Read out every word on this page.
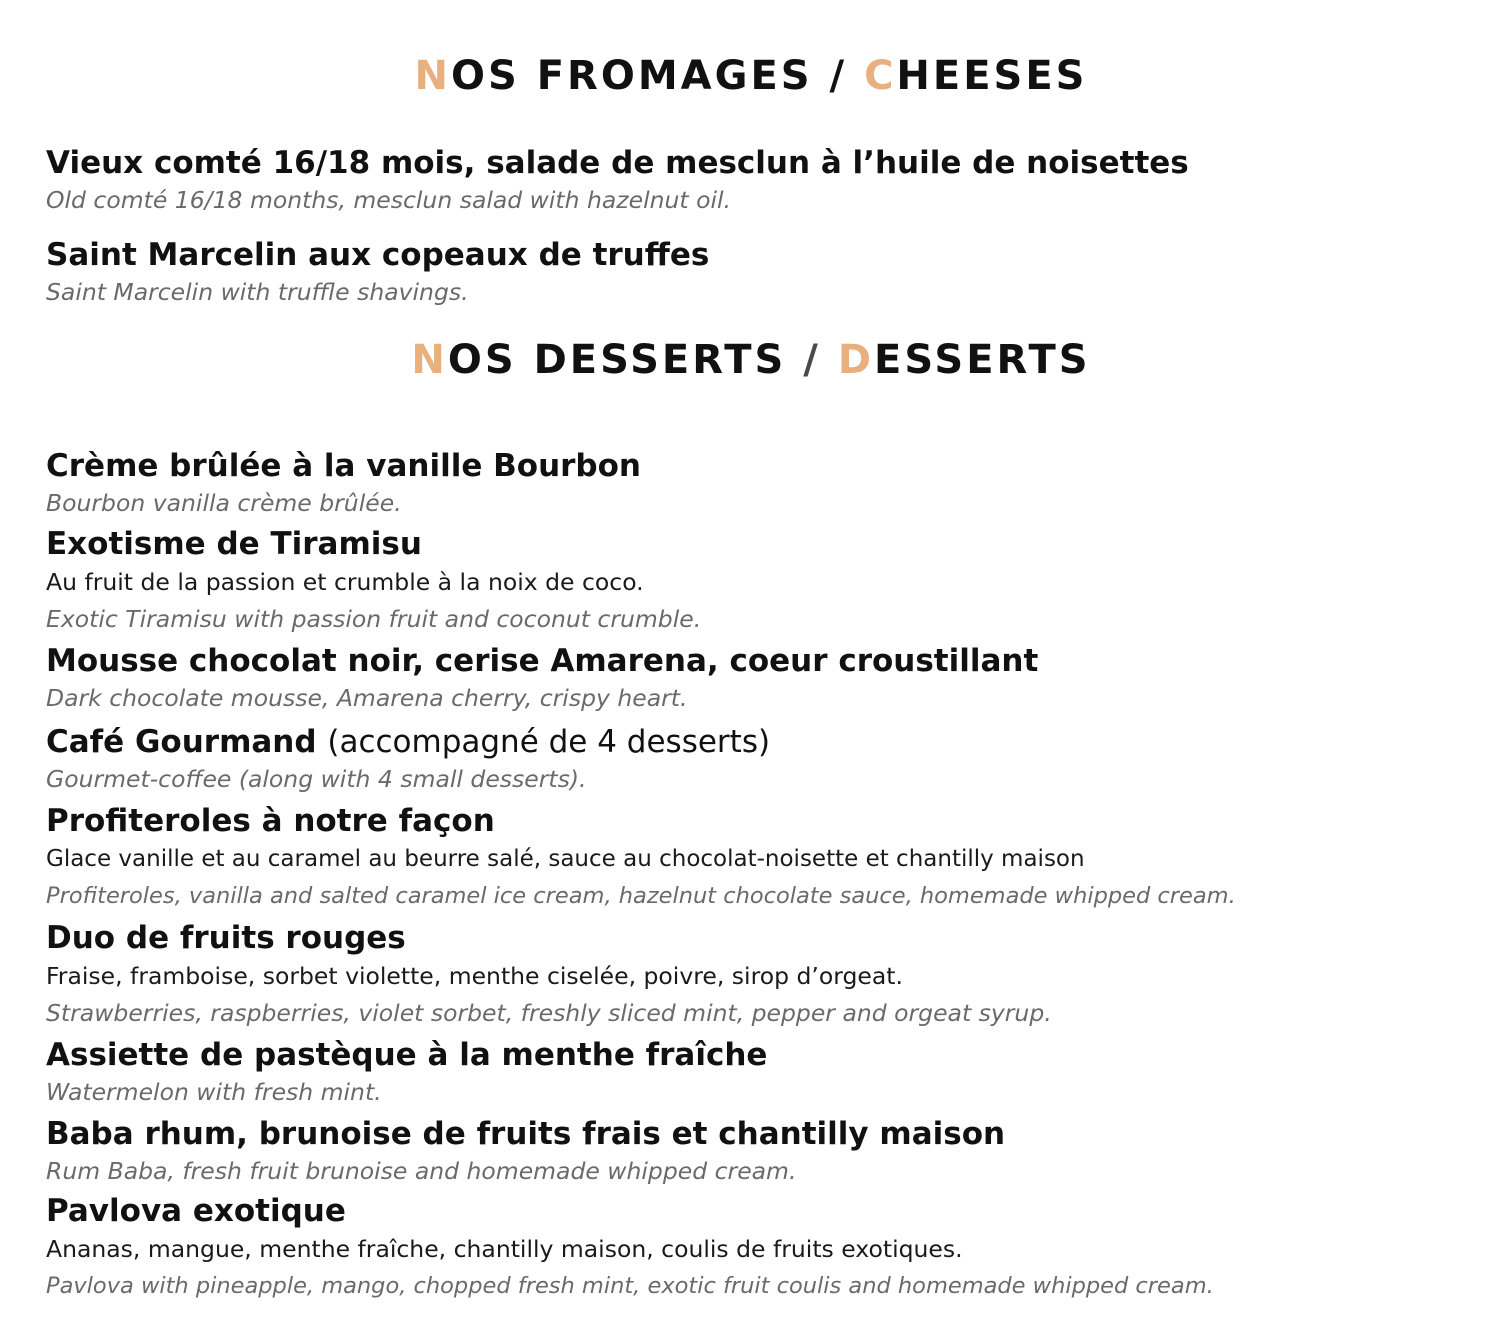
NOS FROMAGES / CHEESES

Vieux comté 16/18 mois, salade de mesclun à l’huile de noisettes

Old comté 16/18 months, mesclun salad with hazelnut oil.

Saint Marcelin aux copeaux de truffes

Saint Marcelin with truffle shavings.

NOS DESSERTS / DESSERTS

Crème brûlée à la vanille Bourbon

Bourbon vanilla crème brûlée.

Exotisme de Tiramisu

Au fruit de la passion et crumble à la noix de coco.

Exotic Tiramisu with passion fruit and coconut crumble.

Mousse chocolat noir, cerise Amarena, coeur croustillant

Dark chocolate mousse, Amarena cherry, crispy heart.

Café Gourmand (accompagné de 4 desserts)

Gourmet-coffee (along with 4 small desserts).

Profiteroles à notre façon

Glace vanille et au caramel au beurre salé, sauce au chocolat-noisette et chantilly maison

Profiteroles, vanilla and salted caramel ice cream, hazelnut chocolate sauce, homemade whipped cream.

Duo de fruits rouges

Fraise, framboise, sorbet violette, menthe ciselée, poivre, sirop d’orgeat.

Strawberries, raspberries, violet sorbet, freshly sliced mint, pepper and orgeat syrup.

Assiette de pastèque à la menthe fraîche

Watermelon with fresh mint.

Baba rhum, brunoise de fruits frais et chantilly maison

Rum Baba, fresh fruit brunoise and homemade whipped cream.

Pavlova exotique

Ananas, mangue, menthe fraîche, chantilly maison, coulis de fruits exotiques.

Pavlova with pineapple, mango, chopped fresh mint, exotic fruit coulis and homemade whipped cream.
